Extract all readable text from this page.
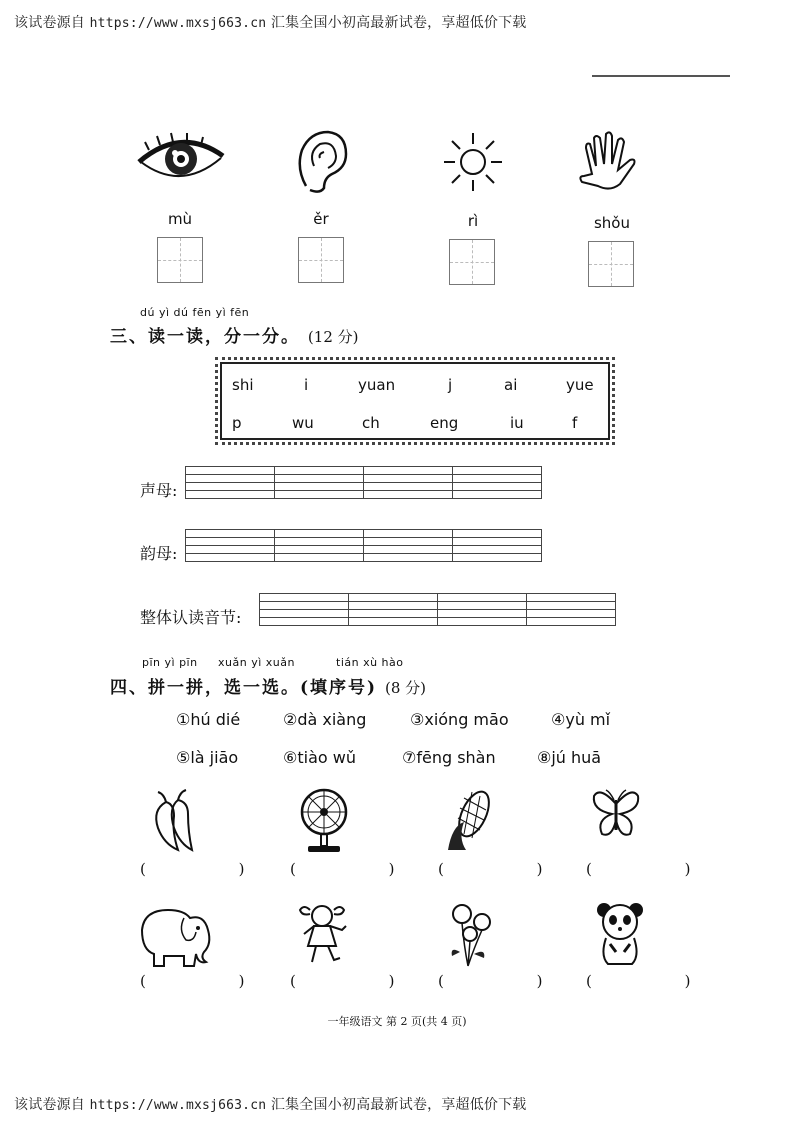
该试卷源自 https://www.mxsj663.cn 汇集全国小初高最新试卷，享超低价下载
mù	ěr	rì	shǒu
dú yì dú fēn yì fēn
三、读一读，分一分。 (12 分)
shi	i	yuan	j	ai	yue
p	wu	ch	eng	iu	f
声母:

韵母:

整体认读音节:

pīn yì pīn xuǎn yì xuǎn	tián xù hào
四、拼一拼，选一选。(填序号) (8 分)
①hú dié	②dà xiàng	③xióng māo	④yù mǐ
⑤là jiāo	⑥tiào wǔ	⑦fēng shàn	⑧jú huā
( ) ( ) ( ) ( )
( ) ( ) ( ) ( )
一年级语文 第 2 页(共 4 页)
该试卷源自 https://www.mxsj663.cn 汇集全国小初高最新试卷，享超低价下载
